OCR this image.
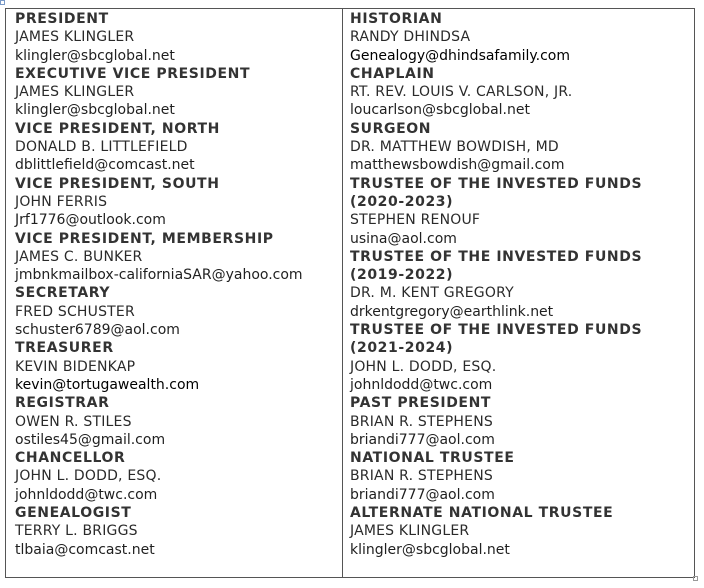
PRESIDENT
JAMES KLINGLER
klingler@sbcglobal.net
EXECUTIVE VICE PRESIDENT
JAMES KLINGLER
klingler@sbcglobal.net
VICE PRESIDENT, NORTH
DONALD B. LITTLEFIELD
dblittlefield@comcast.net
VICE PRESIDENT, SOUTH
JOHN FERRIS
Jrf1776@outlook.com
VICE PRESIDENT, MEMBERSHIP
JAMES C. BUNKER
jmbnkmailbox-californiaSAR@yahoo.com
SECRETARY
FRED SCHUSTER
schuster6789@aol.com
TREASURER
KEVIN BIDENKAP
kevin@tortugawealth.com
REGISTRAR
OWEN R. STILES
ostiles45@gmail.com
CHANCELLOR
JOHN L. DODD, ESQ.
johnldodd@twc.com
GENEALOGIST
TERRY L. BRIGGS
tlbaia@comcast.net
HISTORIAN
RANDY DHINDSA
Genealogy@dhindsafamily.com
CHAPLAIN
RT. REV. LOUIS V. CARLSON, JR.
loucarlson@sbcglobal.net
SURGEON
DR. MATTHEW BOWDISH, MD
matthewsbowdish@gmail.com
TRUSTEE OF THE INVESTED FUNDS
(2020-2023)
STEPHEN RENOUF
usina@aol.com
TRUSTEE OF THE INVESTED FUNDS
(2019-2022)
DR. M. KENT GREGORY
drkentgregory@earthlink.net
TRUSTEE OF THE INVESTED FUNDS
(2021-2024)
JOHN L. DODD, ESQ.
johnldodd@twc.com
PAST PRESIDENT
BRIAN R. STEPHENS
briandi777@aol.com
NATIONAL TRUSTEE
BRIAN R. STEPHENS
briandi777@aol.com
ALTERNATE NATIONAL TRUSTEE
JAMES KLINGLER
klingler@sbcglobal.net
